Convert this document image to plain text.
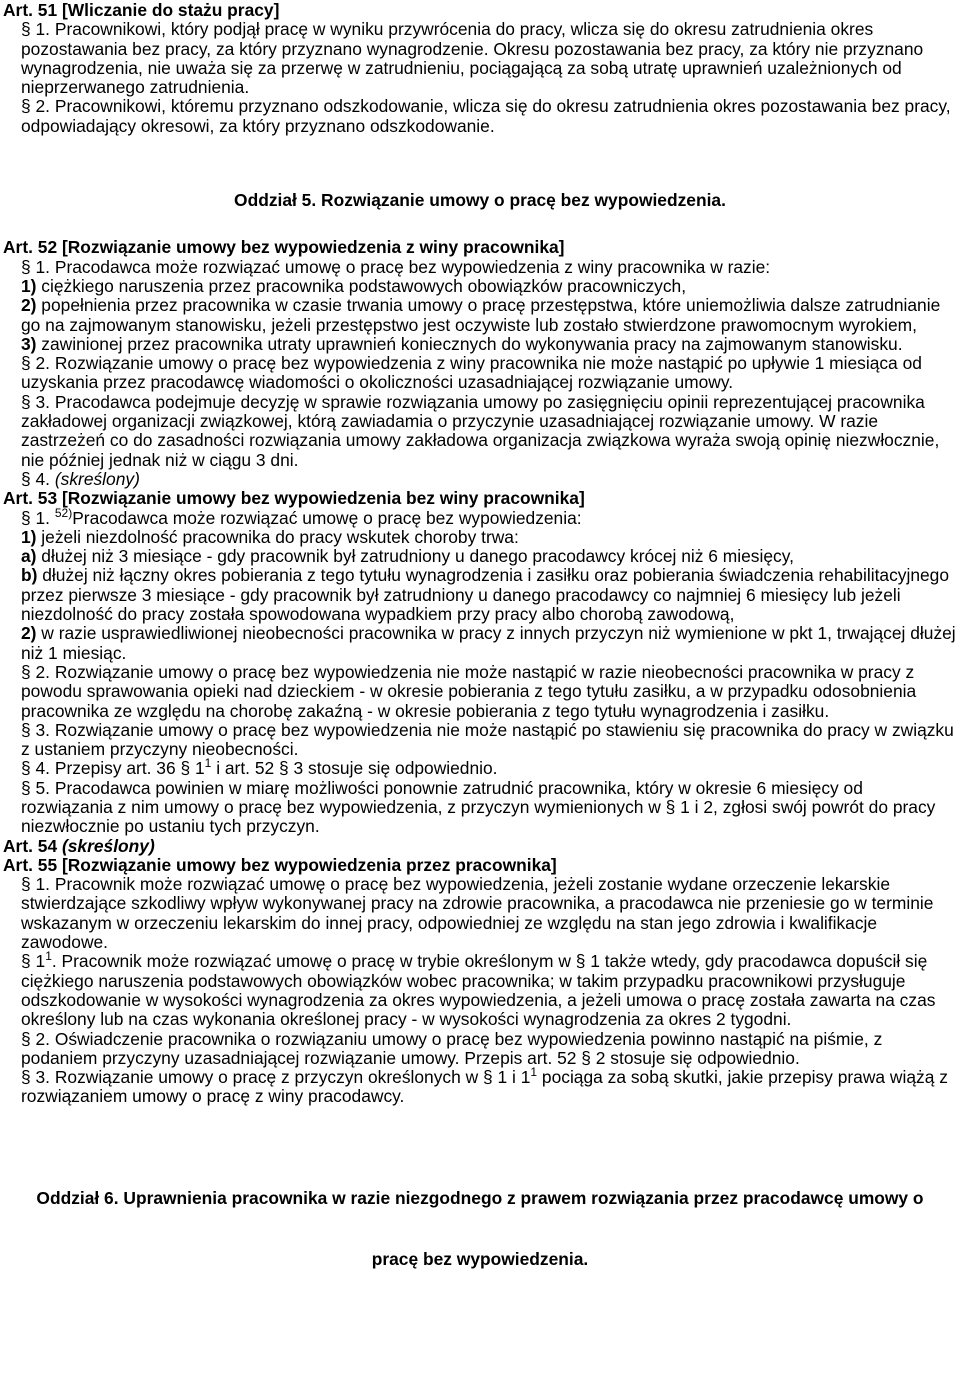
Art. 51 [Wliczanie do stażu pracy]

§ 1. Pracownikowi, który podjął pracę w wyniku przywrócenia do pracy, wlicza się do okresu zatrudnienia okres pozostawania bez pracy, za który przyznano wynagrodzenie. Okresu pozostawania bez pracy, za który nie przyznano wynagrodzenia, nie uważa się za przerwę w zatrudnieniu, pociągającą za sobą utratę uprawnień uzależnionych od nieprzerwanego zatrudnienia.

§ 2. Pracownikowi, któremu przyznano odszkodowanie, wlicza się do okresu zatrudnienia okres pozostawania bez pracy, odpowiadający okresowi, za który przyznano odszkodowanie.

Oddział 5. Rozwiązanie umowy o pracę bez wypowiedzenia.

Art. 52 [Rozwiązanie umowy bez wypowiedzenia z winy pracownika]

§ 1. Pracodawca może rozwiązać umowę o pracę bez wypowiedzenia z winy pracownika w razie:

1) ciężkiego naruszenia przez pracownika podstawowych obowiązków pracowniczych,

2) popełnienia przez pracownika w czasie trwania umowy o pracę przestępstwa, które uniemożliwia dalsze zatrudnianie go na zajmowanym stanowisku, jeżeli przestępstwo jest oczywiste lub zostało stwierdzone prawomocnym wyrokiem,

3) zawinionej przez pracownika utraty uprawnień koniecznych do wykonywania pracy na zajmowanym stanowisku.

§ 2. Rozwiązanie umowy o pracę bez wypowiedzenia z winy pracownika nie może nastąpić po upływie 1 miesiąca od uzyskania przez pracodawcę wiadomości o okoliczności uzasadniającej rozwiązanie umowy.

§ 3. Pracodawca podejmuje decyzję w sprawie rozwiązania umowy po zasięgnięciu opinii reprezentującej pracownika zakładowej organizacji związkowej, którą zawiadamia o przyczynie uzasadniającej rozwiązanie umowy. W razie zastrzeżeń co do zasadności rozwiązania umowy zakładowa organizacja związkowa wyraża swoją opinię niezwłocznie, nie później jednak niż w ciągu 3 dni.

§ 4. (skreślony)

Art. 53 [Rozwiązanie umowy bez wypowiedzenia bez winy pracownika]

§ 1. $^{52)}$Pracodawca może rozwiązać umowę o pracę bez wypowiedzenia:

1) jeżeli niezdolność pracownika do pracy wskutek choroby trwa:

a) dłużej niż 3 miesiące - gdy pracownik był zatrudniony u danego pracodawcy krócej niż 6 miesięcy,

b) dłużej niż łączny okres pobierania z tego tytułu wynagrodzenia i zasiłku oraz pobierania świadczenia rehabilitacyjnego przez pierwsze 3 miesiące - gdy pracownik był zatrudniony u danego pracodawcy co najmniej 6 miesięcy lub jeżeli niezdolność do pracy została spowodowana wypadkiem przy pracy albo chorobą zawodową,

2) w razie usprawiedliwionej nieobecności pracownika w pracy z innych przyczyn niż wymienione w pkt 1, trwającej dłużej niż 1 miesiąc.

§ 2. Rozwiązanie umowy o pracę bez wypowiedzenia nie może nastąpić w razie nieobecności pracownika w pracy z powodu sprawowania opieki nad dzieckiem - w okresie pobierania z tego tytułu zasiłku, a w przypadku odosobnienia pracownika ze względu na chorobę zakaźną - w okresie pobierania z tego tytułu wynagrodzenia i zasiłku.

§ 3. Rozwiązanie umowy o pracę bez wypowiedzenia nie może nastąpić po stawieniu się pracownika do pracy w związku z ustaniem przyczyny nieobecności.

§ 4. Przepisy art. 36 § $1^1$ i art. 52 § 3 stosuje się odpowiednio.

§ 5. Pracodawca powinien w miarę możliwości ponownie zatrudnić pracownika, który w okresie 6 miesięcy od rozwiązania z nim umowy o pracę bez wypowiedzenia, z przyczyn wymienionych w § 1 i 2, zgłosi swój powrót do pracy niezwłocznie po ustaniu tych przyczyn.

Art. 54 (skreślony)

Art. 55 [Rozwiązanie umowy bez wypowiedzenia przez pracownika]

§ 1. Pracownik może rozwiązać umowę o pracę bez wypowiedzenia, jeżeli zostanie wydane orzeczenie lekarskie stwierdzające szkodliwy wpływ wykonywanej pracy na zdrowie pracownika, a pracodawca nie przeniesie go w terminie wskazanym w orzeczeniu lekarskim do innej pracy, odpowiedniej ze względu na stan jego zdrowia i kwalifikacje zawodowe.

§ $1^1$. Pracownik może rozwiązać umowę o pracę w trybie określonym w § 1 także wtedy, gdy pracodawca dopuścił się ciężkiego naruszenia podstawowych obowiązków wobec pracownika; w takim przypadku pracownikowi przysługuje odszkodowanie w wysokości wynagrodzenia za okres wypowiedzenia, a jeżeli umowa o pracę została zawarta na czas określony lub na czas wykonania określonej pracy - w wysokości wynagrodzenia za okres 2 tygodni.

§ 2. Oświadczenie pracownika o rozwiązaniu umowy o pracę bez wypowiedzenia powinno nastąpić na piśmie, z podaniem przyczyny uzasadniającej rozwiązanie umowy. Przepis art. 52 § 2 stosuje się odpowiednio.

§ 3. Rozwiązanie umowy o pracę z przyczyn określonych w § 1 i $1^1$ pociąga za sobą skutki, jakie przepisy prawa wiążą z rozwiązaniem umowy o pracę z winy pracodawcy.

Oddział 6. Uprawnienia pracownika w razie niezgodnego z prawem rozwiązania przez pracodawcę umowy o

pracę bez wypowiedzenia.
